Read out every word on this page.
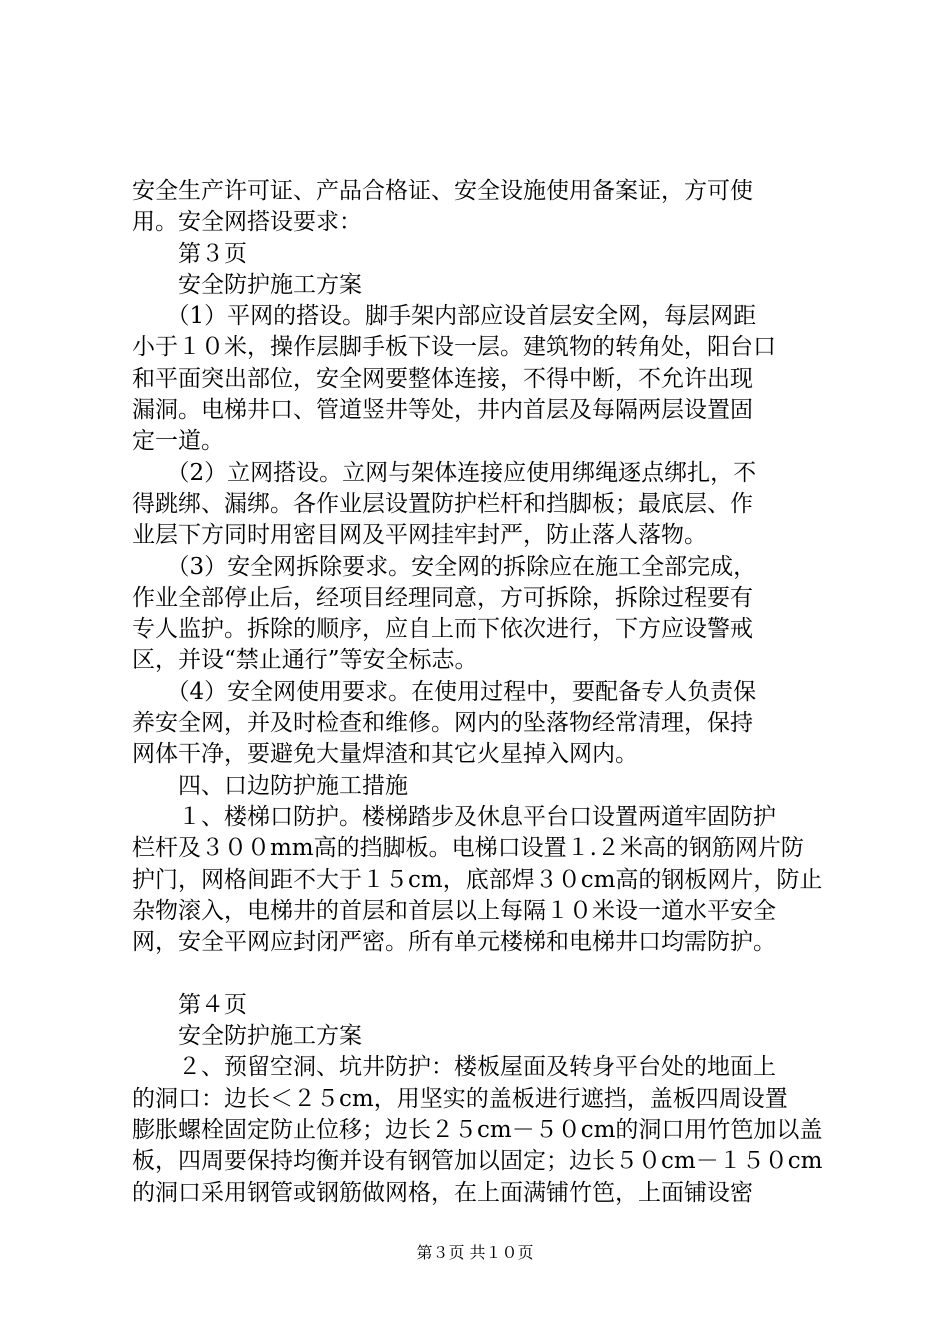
安全生产许可证、产品合格证、安全设施使用备案证，方可使
用。安全网搭设要求：
　　第３页
　　安全防护施工方案
　　（1）平网的搭设。脚手架内部应设首层安全网，每层网距
小于１０米，操作层脚手板下设一层。建筑物的转角处，阳台口
和平面突出部位，安全网要整体连接，不得中断，不允许出现
漏洞。电梯井口、管道竖井等处，井内首层及每隔两层设置固
定一道。
　　（2）立网搭设。立网与架体连接应使用绑绳逐点绑扎，不
得跳绑、漏绑。各作业层设置防护栏杆和挡脚板；最底层、作
业层下方同时用密目网及平网挂牢封严，防止落人落物。
　　（3）安全网拆除要求。安全网的拆除应在施工全部完成，
作业全部停止后，经项目经理同意，方可拆除，拆除过程要有
专人监护。拆除的顺序，应自上而下依次进行，下方应设警戒
区，并设“禁止通行”等安全标志。
　　（4）安全网使用要求。在使用过程中，要配备专人负责保
养安全网，并及时检查和维修。网内的坠落物经常清理，保持
网体干净，要避免大量焊渣和其它火星掉入网内。
　　四、口边防护施工措施
　　１、楼梯口防护。楼梯踏步及休息平台口设置两道牢固防护
栏杆及３００mm高的挡脚板。电梯口设置１.２米高的钢筋网片防
护门，网格间距不大于１５cm，底部焊３０cm高的钢板网片，防止
杂物滚入，电梯井的首层和首层以上每隔１０米设一道水平安全
网，安全平网应封闭严密。所有单元楼梯和电梯井口均需防护。
　　第４页
　　安全防护施工方案
　　２、预留空洞、坑井防护：楼板屋面及转身平台处的地面上
的洞口：边长＜２５cm，用坚实的盖板进行遮挡，盖板四周设置
膨胀螺栓固定防止位移；边长２５cm－５０cm的洞口用竹笆加以盖
板，四周要保持均衡并设有钢管加以固定；边长５０cm－１５０cm
的洞口采用钢管或钢筋做网格，在上面满铺竹笆，上面铺设密
第３页 共１０页
